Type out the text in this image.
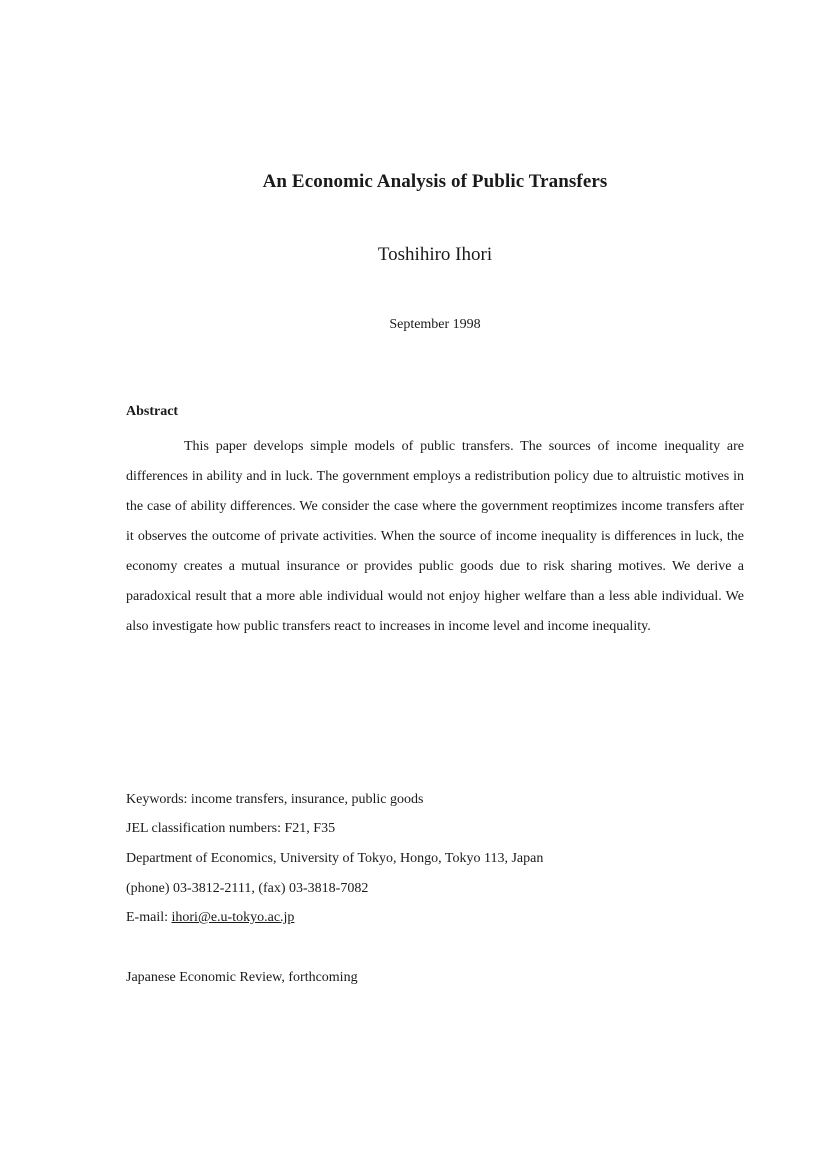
An Economic Analysis of Public Transfers
Toshihiro Ihori
September 1998
Abstract

This paper develops simple models of public transfers. The sources of income inequality are differences in ability and in luck. The government employs a redistribution policy due to altruistic motives in the case of ability differences. We consider the case where the government reoptimizes income transfers after it observes the outcome of private activities. When the source of income inequality is differences in luck, the economy creates a mutual insurance or provides public goods due to risk sharing motives. We derive a paradoxical result that a more able individual would not enjoy higher welfare than a less able individual. We also investigate how public transfers react to increases in income level and income inequality.

Keywords: income transfers, insurance, public goods
JEL classification numbers: F21, F35
Department of Economics, University of Tokyo, Hongo, Tokyo 113, Japan
(phone) 03-3812-2111, (fax) 03-3818-7082
E-mail: ihori@e.u-tokyo.ac.jp
Japanese Economic Review, forthcoming
